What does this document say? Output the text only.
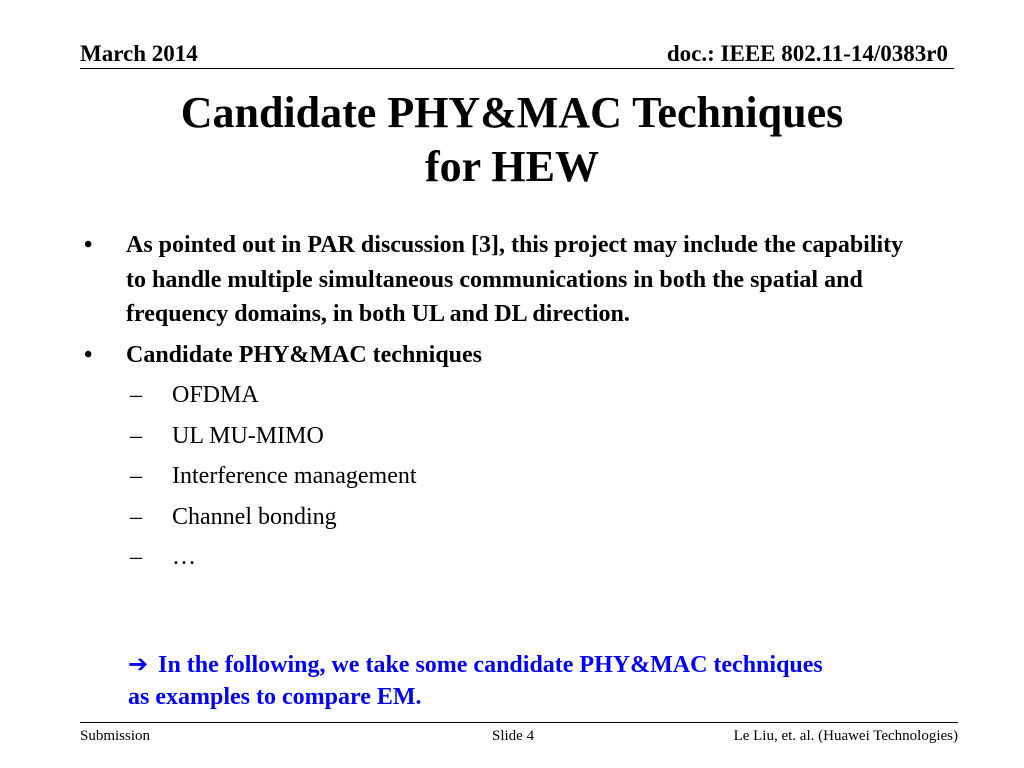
March 2014	doc.: IEEE 802.11-14/0383r0
Candidate PHY&MAC Techniques
for HEW
• As pointed out in PAR discussion [3], this project may include the capability to handle multiple simultaneous communications in both the spatial and frequency domains, in both UL and DL direction.
• Candidate PHY&MAC techniques
– OFDMA
– UL MU-MIMO
– Interference management
– Channel bonding
– …
➔ In the following, we take some candidate PHY&MAC techniques as examples to compare EM.
Submission	Slide 4	Le Liu, et. al. (Huawei Technologies)
